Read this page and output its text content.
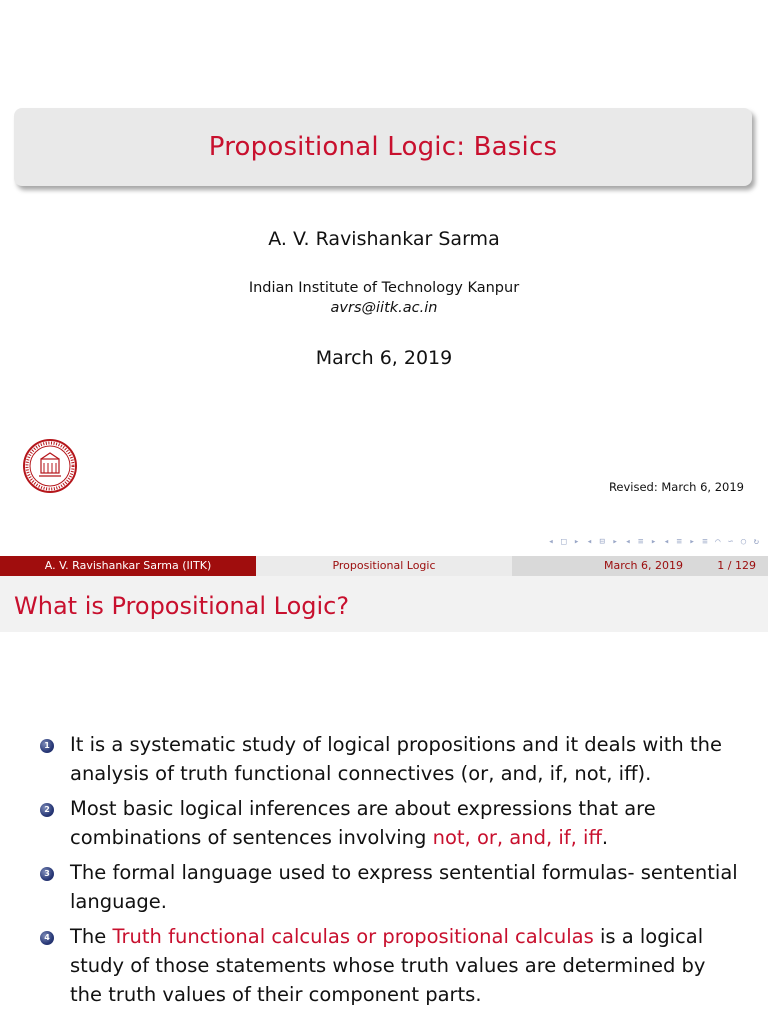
Propositional Logic: Basics
A. V. Ravishankar Sarma
Indian Institute of Technology Kanpur
avrs@iitk.ac.in
March 6, 2019
Revised: March 6, 2019
◂ □ ▸ ◂ ⊟ ▸ ◂ ≡ ▸ ◂ ≡ ▸ ≡ ⌒ ∽ ○ ↻
A. V. Ravishankar Sarma (IITK)	Propositional Logic	March 6, 2019	1 / 129
What is Propositional Logic?
1 It is a systematic study of logical propositions and it deals with the analysis of truth functional connectives (or, and, if, not, iff).
2 Most basic logical inferences are about expressions that are combinations of sentences involving not, or, and, if, iff.
3 The formal language used to express sentential formulas- sentential language.
4 The Truth functional calculas or propositional calculas is a logical study of those statements whose truth values are determined by the truth values of their component parts.
